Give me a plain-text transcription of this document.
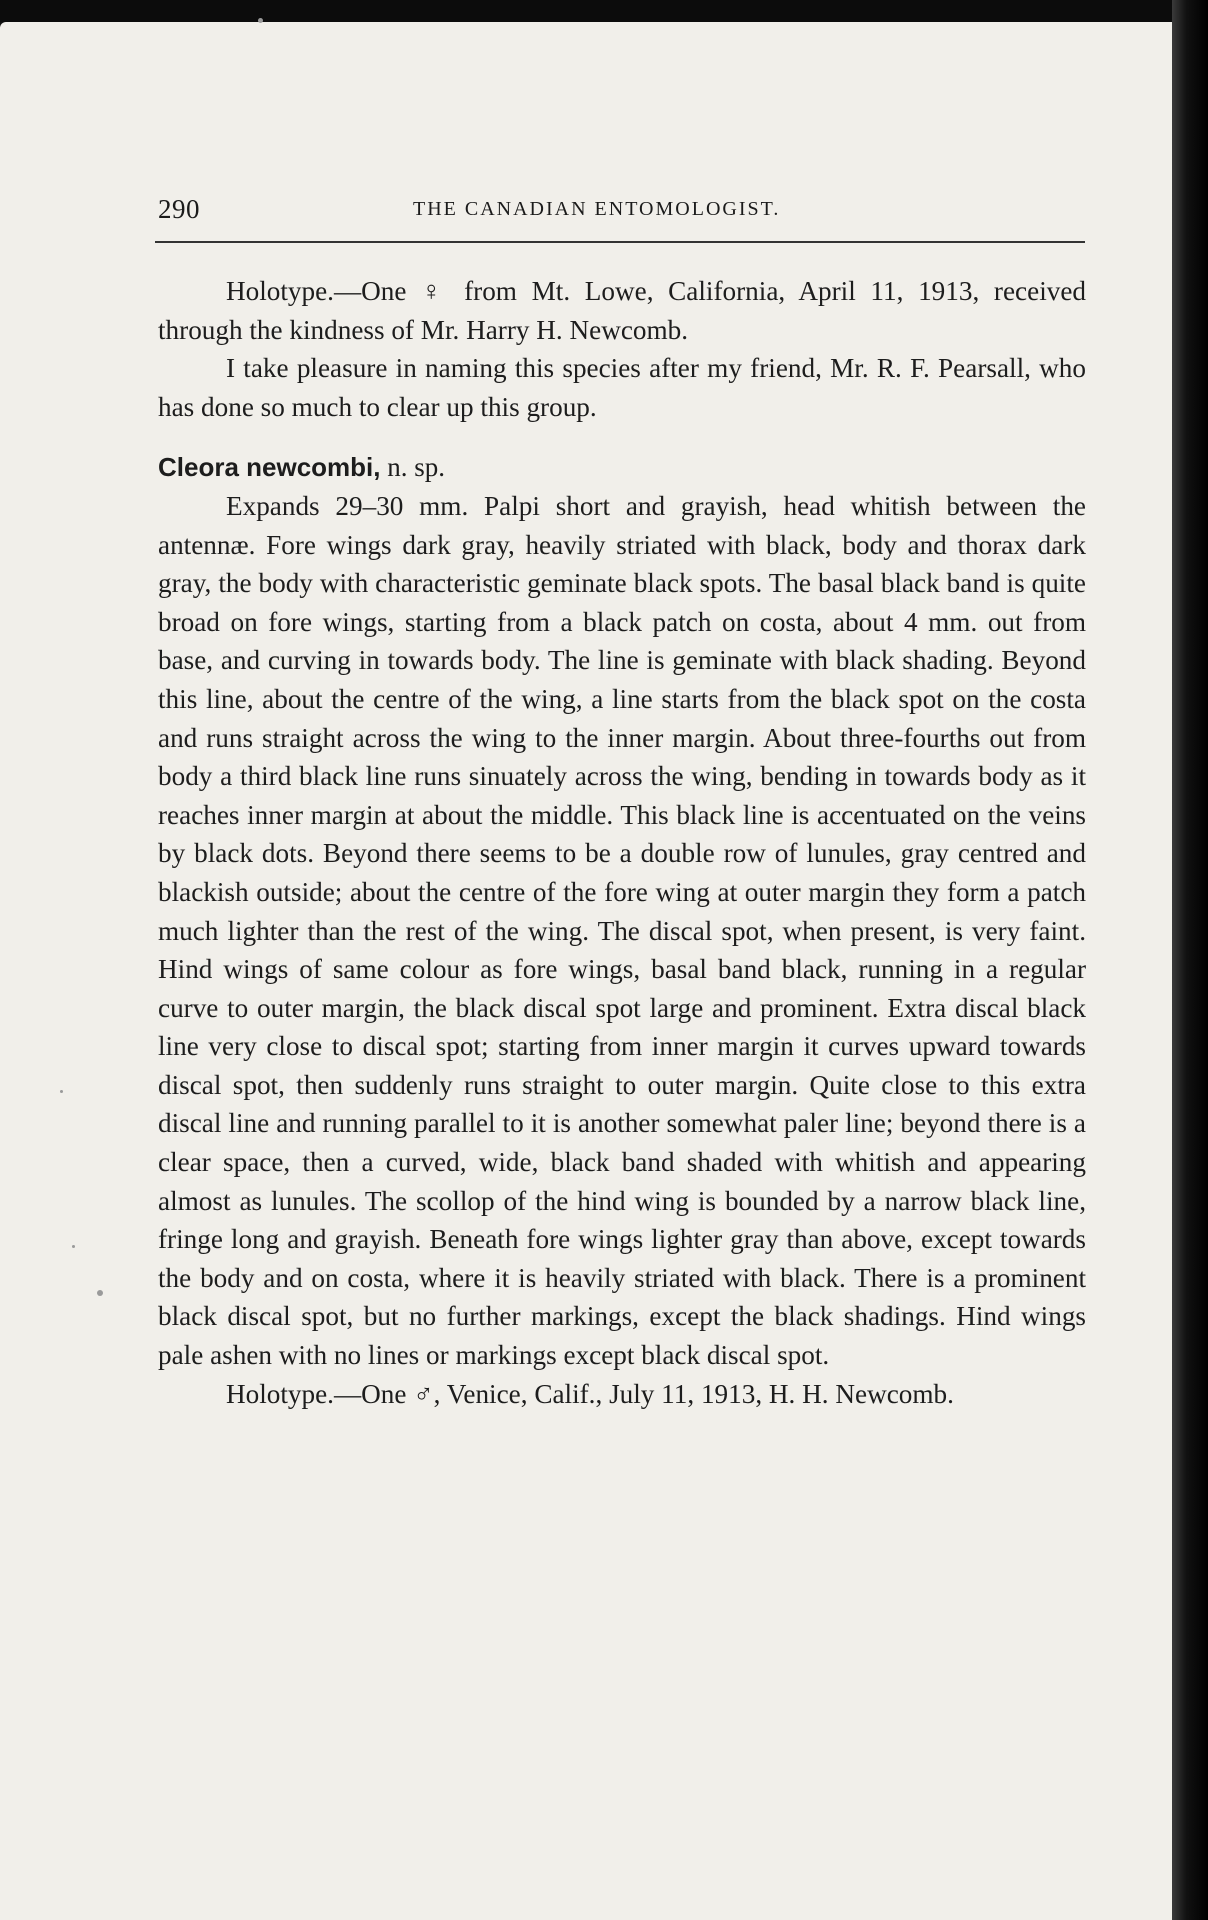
290	THE CANADIAN ENTOMOLOGIST.

Holotype.—One ♀ from Mt. Lowe, California, April 11, 1913, received through the kindness of Mr. Harry H. Newcomb.

I take pleasure in naming this species after my friend, Mr. R. F. Pearsall, who has done so much to clear up this group.

Cleora newcombi, n. sp.

Expands 29–30 mm. Palpi short and grayish, head whitish between the antennæ. Fore wings dark gray, heavily striated with black, body and thorax dark gray, the body with characteristic geminate black spots. The basal black band is quite broad on fore wings, starting from a black patch on costa, about 4 mm. out from base, and curving in towards body. The line is geminate with black shading. Beyond this line, about the centre of the wing, a line starts from the black spot on the costa and runs straight across the wing to the inner margin. About three-fourths out from body a third black line runs sinuately across the wing, bending in towards body as it reaches inner margin at about the middle. This black line is accentuated on the veins by black dots. Beyond there seems to be a double row of lunules, gray centred and blackish outside; about the centre of the fore wing at outer margin they form a patch much lighter than the rest of the wing. The discal spot, when present, is very faint. Hind wings of same colour as fore wings, basal band black, running in a regular curve to outer margin, the black discal spot large and prominent. Extra discal black line very close to discal spot; starting from inner margin it curves upward towards discal spot, then suddenly runs straight to outer margin. Quite close to this extra discal line and running parallel to it is another somewhat paler line; beyond there is a clear space, then a curved, wide, black band shaded with whitish and appearing almost as lunules. The scollop of the hind wing is bounded by a narrow black line, fringe long and grayish. Beneath fore wings lighter gray than above, except towards the body and on costa, where it is heavily striated with black. There is a prominent black discal spot, but no further markings, except the black shadings. Hind wings pale ashen with no lines or markings except black discal spot.

Holotype.—One ♂, Venice, Calif., July 11, 1913, H. H. Newcomb.
